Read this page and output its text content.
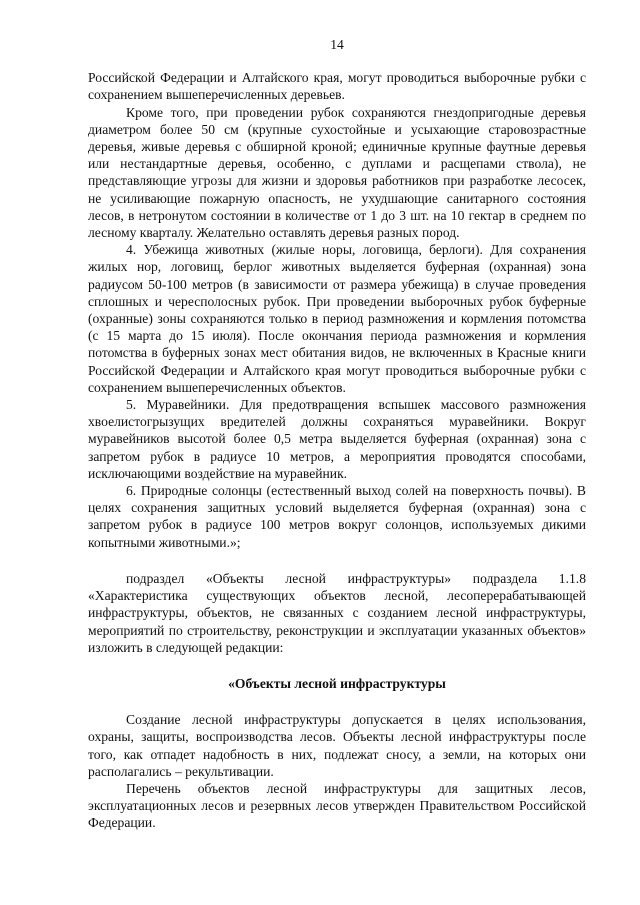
14

Российской Федерации и Алтайского края, могут проводиться выборочные рубки с сохранением вышеперечисленных деревьев.

Кроме того, при проведении рубок сохраняются гнездопригодные деревья диаметром более 50 см (крупные сухостойные и усыхающие старовозрастные деревья, живые деревья с обширной кроной; единичные крупные фаутные деревья или нестандартные деревья, особенно, с дуплами и расщепами ствола), не представляющие угрозы для жизни и здоровья работников при разработке лесосек, не усиливающие пожарную опасность, не ухудшающие санитарного состояния лесов, в нетронутом состоянии в количестве от 1 до 3 шт. на 10 гектар в среднем по лесному кварталу. Желательно оставлять деревья разных пород.

4. Убежища животных (жилые норы, логовища, берлоги). Для сохранения жилых нор, логовищ, берлог животных выделяется буферная (охранная) зона радиусом 50-100 метров (в зависимости от размера убежища) в случае проведения сплошных и чересполосных рубок. При проведении выборочных рубок буферные (охранные) зоны сохраняются только в период размножения и кормления потомства (с 15 марта до 15 июля). После окончания периода размножения и кормления потомства в буферных зонах мест обитания видов, не включенных в Красные книги Российской Федерации и Алтайского края могут проводиться выборочные рубки с сохранением вышеперечисленных объектов.

5. Муравейники. Для предотвращения вспышек массового размножения хвоелистогрызущих вредителей должны сохраняться муравейники. Вокруг муравейников высотой более 0,5 метра выделяется буферная (охранная) зона с запретом рубок в радиусе 10 метров, а мероприятия проводятся способами, исключающими воздействие на муравейник.

6. Природные солонцы (естественный выход солей на поверхность почвы). В целях сохранения защитных условий выделяется буферная (охранная) зона с запретом рубок в радиусе 100 метров вокруг солонцов, используемых дикими копытными животными.»;

подраздел «Объекты лесной инфраструктуры» подраздела 1.1.8 «Характеристика существующих объектов лесной, лесоперерабатывающей инфраструктуры, объектов, не связанных с созданием лесной инфраструктуры, мероприятий по строительству, реконструкции и эксплуатации указанных объектов» изложить в следующей редакции:

«Объекты лесной инфраструктуры

Создание лесной инфраструктуры допускается в целях использования, охраны, защиты, воспроизводства лесов. Объекты лесной инфраструктуры после того, как отпадет надобность в них, подлежат сносу, а земли, на которых они располагались – рекультивации.

Перечень объектов лесной инфраструктуры для защитных лесов, эксплуатационных лесов и резервных лесов утвержден Правительством Российской Федерации.
